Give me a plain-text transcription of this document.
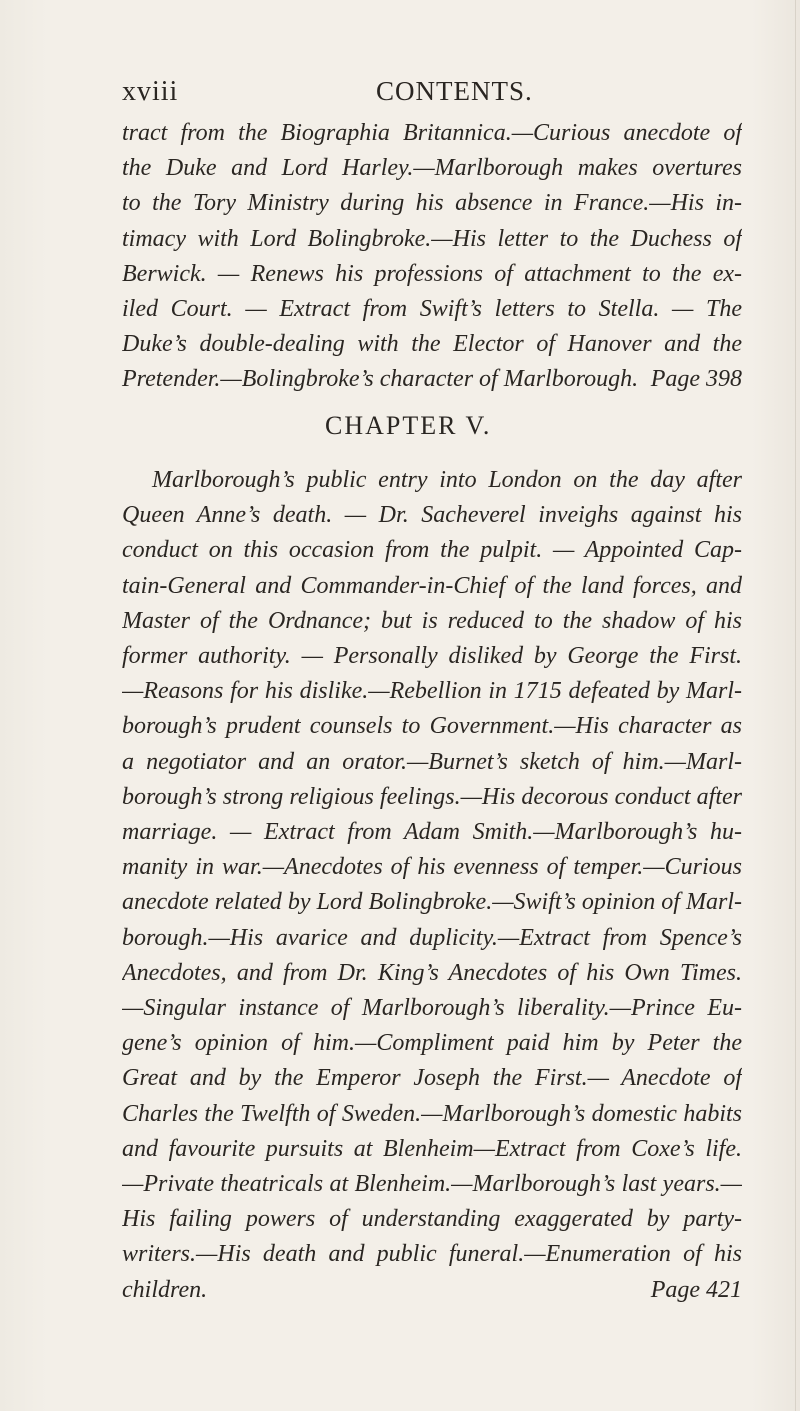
xviii	CONTENTS.
tract from the Biographia Britannica.—Curious anecdote of
the Duke and Lord Harley.—Marlborough makes overtures
to the Tory Ministry during his absence in France.—His in-
timacy with Lord Bolingbroke.—His letter to the Duchess of
Berwick. — Renews his professions of attachment to the ex-
iled Court. — Extract from Swift’s letters to Stella. — The
Duke’s double-dealing with the Elector of Hanover and the
Pretender.—Bolingbroke’s character of Marlborough. Page 398
CHAPTER V.
Marlborough’s public entry into London on the day after
Queen Anne’s death. — Dr. Sacheverel inveighs against his
conduct on this occasion from the pulpit. — Appointed Cap-
tain-General and Commander-in-Chief of the land forces, and
Master of the Ordnance; but is reduced to the shadow of his
former authority. — Personally disliked by George the First.
—Reasons for his dislike.—Rebellion in 1715 defeated by Marl-
borough’s prudent counsels to Government.—His character as
a negotiator and an orator.—Burnet’s sketch of him.—Marl-
borough’s strong religious feelings.—His decorous conduct after
marriage. — Extract from Adam Smith.—Marlborough’s hu-
manity in war.—Anecdotes of his evenness of temper.—Curious
anecdote related by Lord Bolingbroke.—Swift’s opinion of Marl-
borough.—His avarice and duplicity.—Extract from Spence’s
Anecdotes, and from Dr. King’s Anecdotes of his Own Times.
—Singular instance of Marlborough’s liberality.—Prince Eu-
gene’s opinion of him.—Compliment paid him by Peter the
Great and by the Emperor Joseph the First.— Anecdote of
Charles the Twelfth of Sweden.—Marlborough’s domestic habits
and favourite pursuits at Blenheim—Extract from Coxe’s life.
—Private theatricals at Blenheim.—Marlborough’s last years.—
His failing powers of understanding exaggerated by party-
writers.—His death and public funeral.—Enumeration of his
children.	Page 421
